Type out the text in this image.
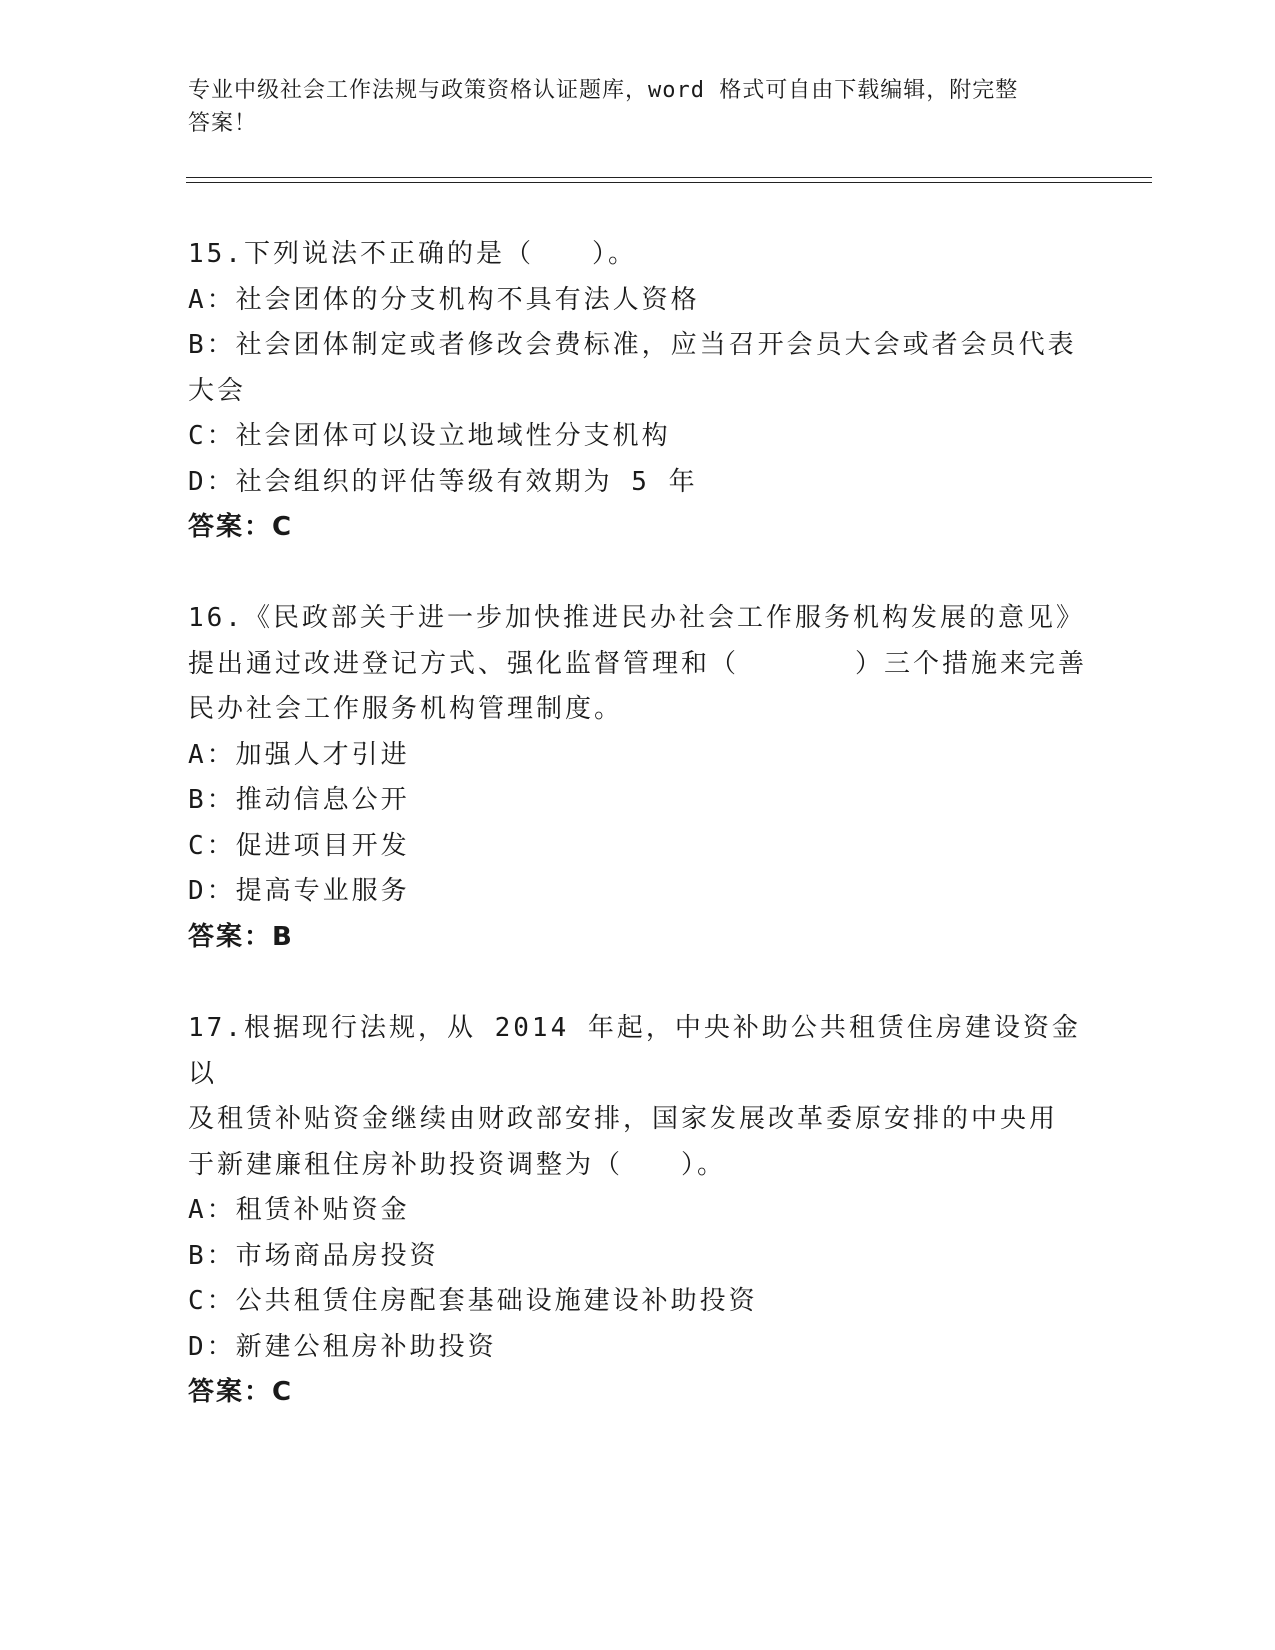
专业中级社会工作法规与政策资格认证题库，word 格式可自由下载编辑，附完整
答案！

15.下列说法不正确的是（　　）。

A：社会团体的分支机构不具有法人资格

B：社会团体制定或者修改会费标准，应当召开会员大会或者会员代表

大会

C：社会团体可以设立地域性分支机构

D：社会组织的评估等级有效期为 5 年

答案：C

16.《民政部关于进一步加快推进民办社会工作服务机构发展的意见》

提出通过改进登记方式、强化监督管理和（　　　　）三个措施来完善

民办社会工作服务机构管理制度。

A：加强人才引进

B：推动信息公开

C：促进项目开发

D：提高专业服务

答案：B

17.根据现行法规，从 2014 年起，中央补助公共租赁住房建设资金以

及租赁补贴资金继续由财政部安排，国家发展改革委原安排的中央用

于新建廉租住房补助投资调整为（　　）。

A：租赁补贴资金

B：市场商品房投资

C：公共租赁住房配套基础设施建设补助投资

D：新建公租房补助投资

答案：C
